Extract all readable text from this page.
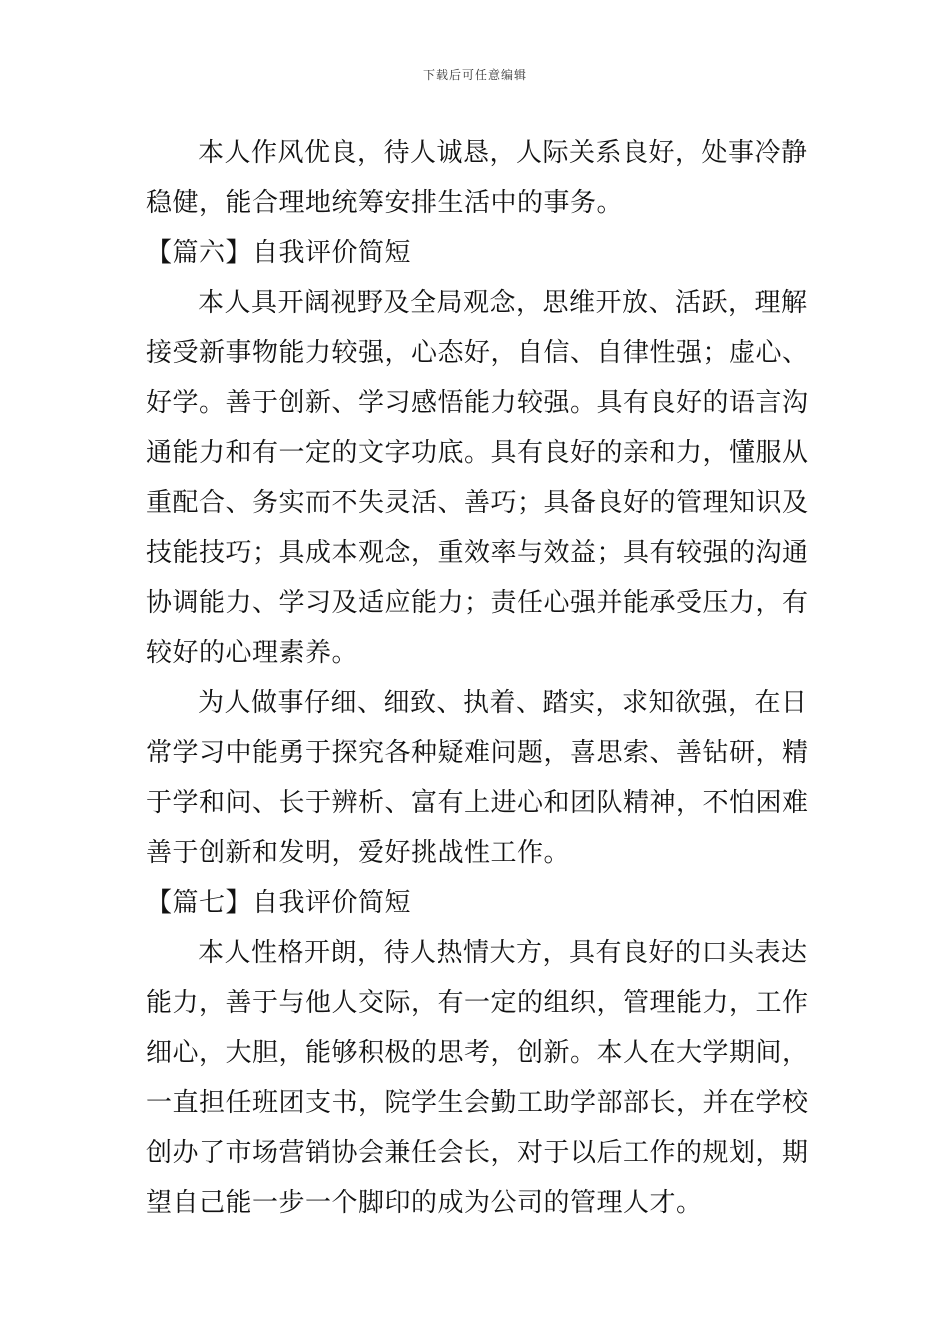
下载后可任意编辑
本人作风优良，待人诚恳，人际关系良好，处事冷静
稳健，能合理地统筹安排生活中的事务。
【篇六】自我评价简短
本人具开阔视野及全局观念，思维开放、活跃，理解
接受新事物能力较强，心态好，自信、自律性强；虚心、
好学。善于创新、学习感悟能力较强。具有良好的语言沟
通能力和有一定的文字功底。具有良好的亲和力，懂服从
重配合、务实而不失灵活、善巧；具备良好的管理知识及
技能技巧；具成本观念，重效率与效益；具有较强的沟通
协调能力、学习及适应能力；责任心强并能承受压力，有
较好的心理素养。
为人做事仔细、细致、执着、踏实，求知欲强，在日
常学习中能勇于探究各种疑难问题，喜思索、善钻研，精
于学和问、长于辨析、富有上进心和团队精神，不怕困难
善于创新和发明，爱好挑战性工作。
【篇七】自我评价简短
本人性格开朗，待人热情大方，具有良好的口头表达
能力，善于与他人交际，有一定的组织，管理能力，工作
细心，大胆，能够积极的思考，创新。本人在大学期间，
一直担任班团支书，院学生会勤工助学部部长，并在学校
创办了市场营销协会兼任会长，对于以后工作的规划，期
望自己能一步一个脚印的成为公司的管理人才。
